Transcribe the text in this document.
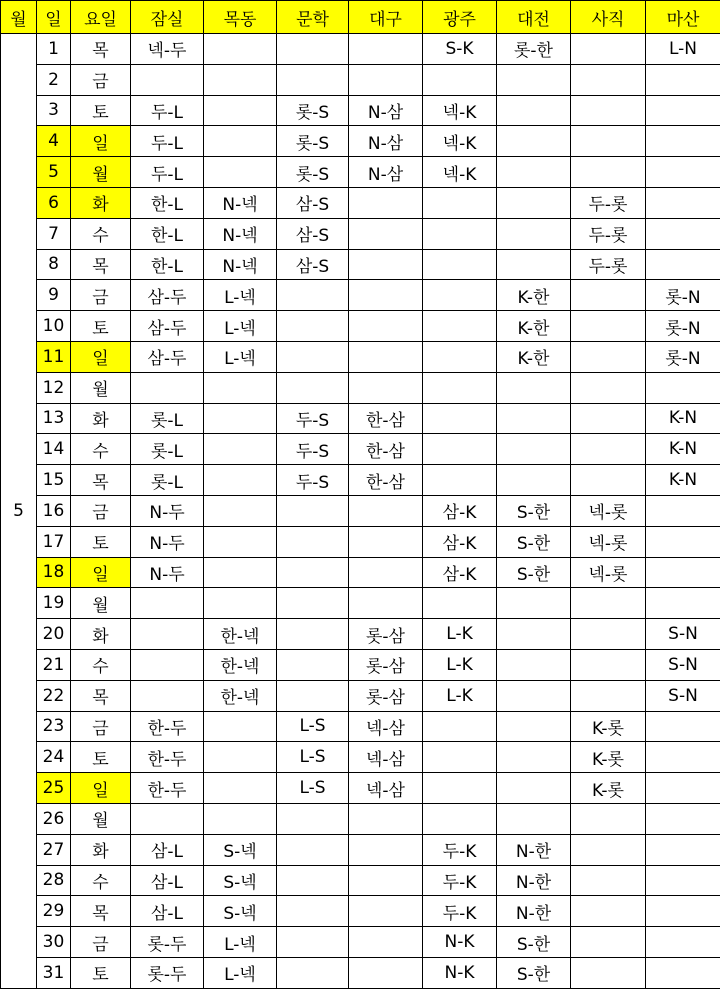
월	일	요일	잠실	목동	문학	대구	광주	대전	사직	마산
5	1	목	넥-두				S-K	롯-한		L-N
	2	금								
	3	토	두-L		롯-S	N-삼	넥-K			
	4	일	두-L		롯-S	N-삼	넥-K			
	5	월	두-L		롯-S	N-삼	넥-K			
	6	화	한-L	N-넥	삼-S				두-롯	
	7	수	한-L	N-넥	삼-S				두-롯	
	8	목	한-L	N-넥	삼-S				두-롯	
	9	금	삼-두	L-넥				K-한		롯-N
	10	토	삼-두	L-넥				K-한		롯-N
	11	일	삼-두	L-넥				K-한		롯-N
	12	월								
	13	화	롯-L		두-S	한-삼				K-N
	14	수	롯-L		두-S	한-삼				K-N
	15	목	롯-L		두-S	한-삼				K-N
	16	금	N-두				삼-K	S-한	넥-롯	
	17	토	N-두				삼-K	S-한	넥-롯	
	18	일	N-두				삼-K	S-한	넥-롯	
	19	월								
	20	화		한-넥		롯-삼	L-K			S-N
	21	수		한-넥		롯-삼	L-K			S-N
	22	목		한-넥		롯-삼	L-K			S-N
	23	금	한-두		L-S	넥-삼			K-롯	
	24	토	한-두		L-S	넥-삼			K-롯	
	25	일	한-두		L-S	넥-삼			K-롯	
	26	월								
	27	화	삼-L	S-넥			두-K	N-한		
	28	수	삼-L	S-넥			두-K	N-한		
	29	목	삼-L	S-넥			두-K	N-한		
	30	금	롯-두	L-넥			N-K	S-한		
	31	토	롯-두	L-넥			N-K	S-한		
